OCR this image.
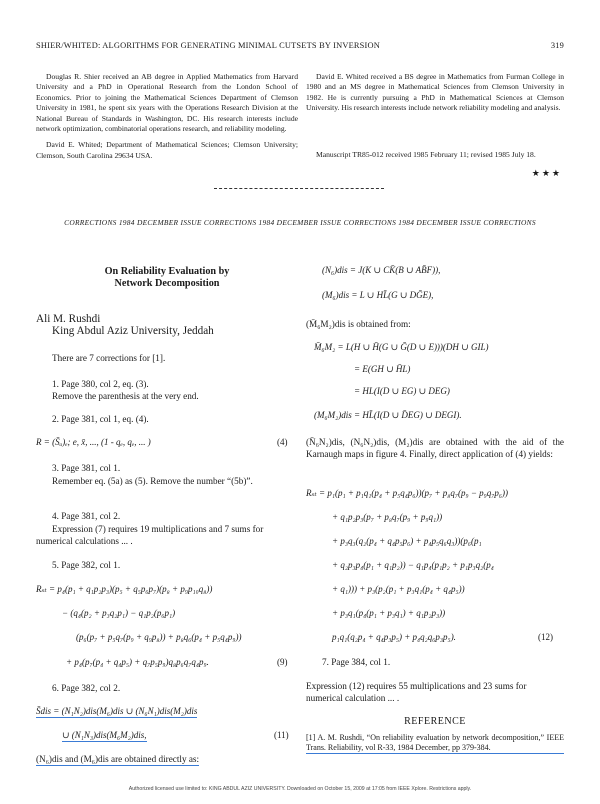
SHIER/WHITED: ALGORITHMS FOR GENERATING MINIMAL CUTSETS BY INVERSION	319

Douglas R. Shier received an AB degree in Applied Mathematics from Harvard University and a PhD in Operational Research from the London School of Economics. Prior to joining the Mathematical Sciences Department of Clemson University in 1981, he spent six years with the Operations Research Division at the National Bureau of Standards in Washington, DC. His research interests include network optimization, combinatorial operations research, and reliability modeling.

David E. Whited; Department of Mathematical Sciences; Clemson University; Clemson, South Carolina 29634 USA.

David E. Whited received a BS degree in Mathematics from Furman College in 1980 and an MS degree in Mathematical Sciences from Clemson University in 1982. He is currently pursuing a PhD in Mathematical Sciences at Clemson University. His research interests include network reliability modeling and analysis.

Manuscript TR85-012 received 1985 February 11; revised 1985 July 18.
★★★
CORRECTIONS 1984 DECEMBER ISSUE CORRECTIONS 1984 DECEMBER ISSUE CORRECTIONS 1984 DECEMBER ISSUE CORRECTIONS
On Reliability Evaluation by
Network Decomposition
Ali M. Rushdi
King Abdul Aziz University, Jeddah
There are 7 corrections for [1].

1. Page 380, col 2, eq. (3).

Remove the parenthesis at the very end.

2. Page 381, col 1, eq. (4).
R = (S̄ₐ)ₑ; e, x̄, ..., (1 - qₑ, qₑ, ... )	(4)
3. Page 381, col 1.
Remember eq. (5a) as (5). Remove the number “(5b)”.
4. Page 381, col 2.
Expression (7) requires 19 multiplications and 7 sums for numerical calculations ... .
5. Page 382, col 1.
Rₛₜ = p₄(p₁ + q₁p₂p₃)(p₅ + q₅p₆p₇)(p₈ + p₉p₁₀q₈))
− (q₄(p₂ + p₃q₂p₁) − q₁p₂(p₆p₁)
(p₆(p₇ + p₅q₇(p₉ + q₉p₈)) + p₈q₆(p₄ + p₅q₄p₉))
+ p₄(p₇(p₄ + q₄p₅) + q₇p₅p₉)q₈p₆q₇q₄p₉.	(9)
6. Page 382, col 2.
S̄dis = (N₁N₂)dis(M₆)dis ∪ (N₆N₁)dis(M₂)dis
∪ (N₁N₃)dis(M₆M₂)dis,	(11)
(N₆)dis and (M₆)dis are obtained directly as:
(N₆)dis = J(K ∪ CK̄(B ∪ AB̄F)),
(M₆)dis = L ∪ HL̄(G ∪ DḠE),
(M̄₆M₂)dis is obtained from:
M̄₆M₂ = L(H ∪ H̄(G ∪ Ḡ(D ∪ E)))(DH ∪ GIL)
= E(GH ∪ H̄L)
= HL(I(D ∪ EG) ∪ DEG)
(M₆M₂)dis = HL̄(I(D ∪ D̄EG) ∪ DEGI).
(N̄₆N₂)dis, (N₆N₂)dis, (M₂)dis are obtained with the aid of the Karnaugh maps in figure 4. Finally, direct application of (4) yields:
Rₛₜ = p₁(p₁ + p₁q₁(p₄ + p₅q₄p₆))(p₇ + p₈q₇(p₉ − p₉q₇p₆))
+ q₁p₂p₃(p₇ + p₈q₇(p₉ + p₉q₁))
+ p₃q₃(q₂(p₄ + q₄p₅p₆) + p₄p₅q₆q₃))(p₆(p₁
+ q₂p₃p₄(p₁ + q₁p₂)) − q₁p₄(p₁p₂ + p₁p₃q₂(p₄
+ q₁))) + p₃(p₂(p₁ + p₃q₁(p₄ + q₄p₅))
+ p₃q₁(p₄(p₁ + p₃q₁) + q₁p₂p₃))
p₁q₁(q₂p₄ + q₄p₃p₅) + p₄q₂q₆p₃p₅).	(12)
7. Page 384, col 1.
Expression (12) requires 55 multiplications and 23 sums for numerical calculation ... .
REFERENCE
[1] A. M. Rushdi, “On reliability evaluation by network decomposition,” IEEE Trans. Reliability, vol R-33, 1984 December, pp 379-384.
Authorized licensed use limited to: KING ABDUL AZIZ UNIVERSITY. Downloaded on October 15, 2009 at 17:05 from IEEE Xplore. Restrictions apply.
